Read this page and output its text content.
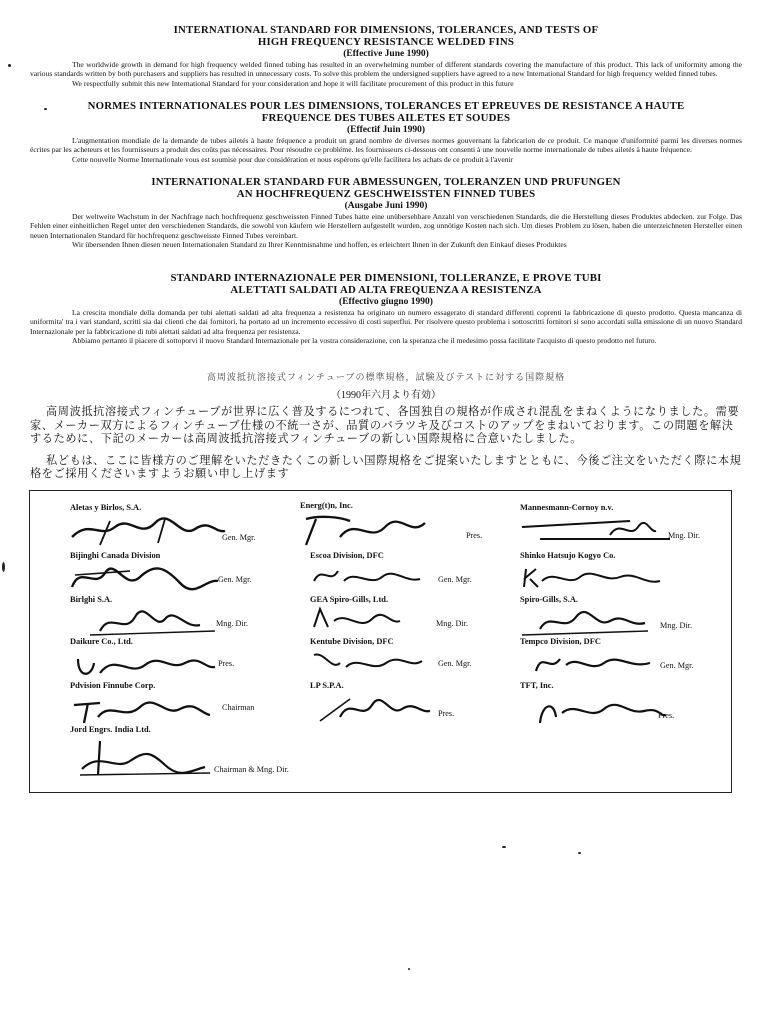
INTERNATIONAL STANDARD FOR DIMENSIONS, TOLERANCES, AND TESTS OF
HIGH FREQUENCY RESISTANCE WELDED FINS
(Effective June 1990)

The worldwide growth in demand for high frequency welded finned tubing has resulted in an overwhelming number of different standards covering the manufacture of this product. This lack of uniformity among the various standards written by both purchasers and suppliers has resulted in unnecessary costs. To solve this problem the undersigned suppliers have agreed to a new International Standard for high frequency welded finned tubes.

We respectfully submit this new International Standard for your consideration and hope it will facilitate procurement of this product in this future

NORMES INTERNATIONALES POUR LES DIMENSIONS, TOLERANCES ET EPREUVES DE RESISTANCE A HAUTE
FREQUENCE DES TUBES AILETES ET SOUDES
(Effectif Juin 1990)

L'augmentation mondiale de la demande de tubes ailetés à haute fréquence a produit un grand nombre de diverses normes gouvernant la fabricarion de ce produit. Ce manque d'uniformité parmi les diverses normes écrites par les acheteurs et les fournisseurs a produit des coûts pas nécessaires. Pour résoudre ce probléme. les fournisseurs ci-dessous ont consenti à une nouvelle norme internationale de tubes ailetés à haute fréquence.

Cette nouvelle Norme Internationale vous est soumise pour due considération et nous espérons qu'elle facilitera les achats de ce produit à l'avenir

INTERNATIONALER STANDARD FUR ABMESSUNGEN, TOLERANZEN UND PRUFUNGEN
AN HOCHFREQUENZ GESCHWEISSTEN FINNED TUBES
(Ausgabe Juni 1990)

Der weltweite Wachstum in der Nachfrage nach hochfrequenz geschweissten Finned Tubes hatte eine unübersehbare Anzahl von verschiedenen Standards, die die Herstellung dieses Produktes abdecken. zur Folge. Das Fehlen einer einheitlichen Regel unter den verschiedenen Standards, die sowohl von käufern wie Herstellern aufgestellt wurden, zog unnötige Kosten nach sich. Um dieses Problem zu lösen, haben die unterzeichneten Hersteller einen neuen Internationalen Standard für hochfrequenz geschweisste Finned Tubes vereinbart.

Wir übersenden Ihnen diesen neuen Internationalen Standard zu Ihrer Kenntnisnahme und hoffen, es erleichtert Ihnen in der Zukunft den Einkauf dieses Produktes

STANDARD INTERNAZIONALE PER DIMENSIONI, TOLLERANZE, E PROVE TUBI
ALETTATI SALDATI AD ALTA FREQUENZA A RESISTENZA
(Effectivo giugno 1990)

La crescita mondiale della domanda per tubi alettati saldati ad alta frequenza a resistenza ha originato un numero essagerato di standard differenti coprenti la fabbricazione di questo prodotto. Questa mancanza di uniformita' tra i vari standard, scritti sia dai clienti che dai fornitori, ha portato ad un incremento eccessivo di costi superflui. Per risolvere questo problema i sottoscritti fornitori si sono accordati sulla emissione di un nuovo Standard Internazionale per la fabbricazione di tubi alettati saldati ad alta frequenza per resistenza.

Abbiamo pertanto il piacere di sottoporvi il nuovo Standard Internazionale per la vostra considerazione, con la speranza che il medesimo possa facilitate l'acquisto di questo prodotto nel futuro.

高周波抵抗溶接式フィンチューブの標準規格，試験及びテストに対する国際規格
（1990年六月より有効）

高周波抵抗溶接式フィンチューブが世界に広く普及するにつれて、各国独自の規格が作成され混乱をまねくようになりました。需要家、メーカー双方によるフィンチューブ仕様の不統一さが、品質のバラツキ及びコストのアップをまねいております。この問題を解決するために、下記のメーカーは高周波抵抗溶接式フィンチューブの新しい国際規格に合意いたしました。

私どもは、ここに皆様方のご理解をいただきたくこの新しい国際規格をご提案いたしますとともに、今後ご注文をいただく際に本規格をご採用くださいますようお願い申し上げます

Aletas y Birlos, S.A.
Gen. Mgr.
Bijinghi Canada Division
Gen. Mgr.
Birlghi S.A.
Mng. Dir.
Daikure Co., Ltd.
Pres.
Pdvision Finnube Corp.
Chairman
Jord Engrs. India Ltd.
Chairman & Mng. Dir.
Energ(t)n, Inc.
Pres.
Escoa Division, DFC
Gen. Mgr.
GEA Spiro-Gills, Ltd.
Mng. Dir.
Kentube Division, DFC
Gen. Mgr.
LP S.P.A.
Pres.
Mannesmann-Cornoy n.v.
Mng. Dir.
Shinko Hatsujo Kogyo Co.
Spiro-Gills, S.A.
Mng. Dir.
Tempco Division, DFC
Gen. Mgr.
TFT, Inc.
Pres.
